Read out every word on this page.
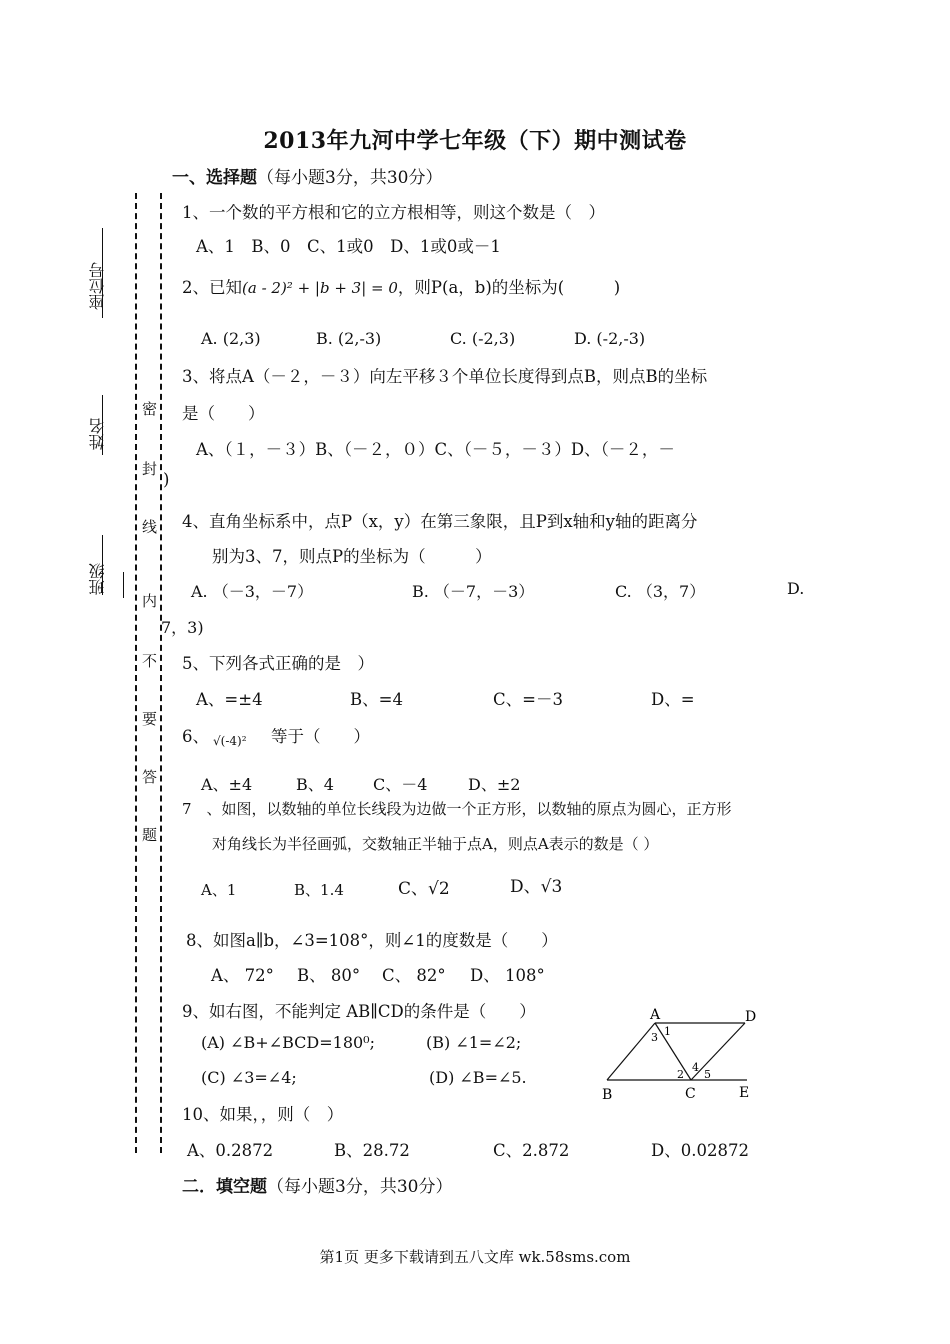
2013年九河中学七年级（下）期中测试卷
一、选择题（每小题3分，共30分）
座位号
姓名
班级
密
封
线
内
不
要
答
题
1、一个数的平方根和它的立方根相等，则这个数是（　）
A、1　B、0　C、1或0　D、1或0或－1
2、已知(a - 2)² + |b + 3| = 0，则P(a，b)的坐标为(　　　)
A. (2,3)	B. (2,-3)	C. (-2,3)	D. (-2,-3)
3、将点A（－２，－３）向左平移３个单位长度得到点B，则点B的坐标
是（　　）
A、（１，－３）B、（－２，０）C、（－５，－３）D、（－２，－
)
4、直角坐标系中，点P（x，y）在第三象限，且P到x轴和y轴的距离分
别为3、7，则点P的坐标为（　　　）
A. （－3，－7）	B. （－7，－3）	C. （3，7）	D.
7，3)
5、下列各式正确的是　）
A、=±4	B、=4	C、=－3	D、=
6、 √(-4)² 等于（　　）
A、±4	B、4 C、－4	D、±2
7　、如图，以数轴的单位长线段为边做一个正方形，以数轴的原点为圆心，正方形
对角线长为半径画弧，交数轴正半轴于点A，则点A表示的数是（ ）
A、1	B、1.4	C、√2	D、√3
8、如图a∥b，∠3=108°，则∠1的度数是（　　）
A、 72° B、 80° C、 82° D、 108°
9、如右图，不能判定 AB∥CD的条件是（　　）
(A) ∠B+∠BCD=180⁰;	(B) ∠1=∠2;
(C) ∠3=∠4;	(D) ∠B=∠5.
A	D
B	C	E
1
2
3
4
5
10、如果，，则（　）
A、0.2872	B、28.72	C、2.872	D、0.02872
二．填空题（每小题3分，共30分）
第1页 更多下载请到五八文库 wk.58sms.com
